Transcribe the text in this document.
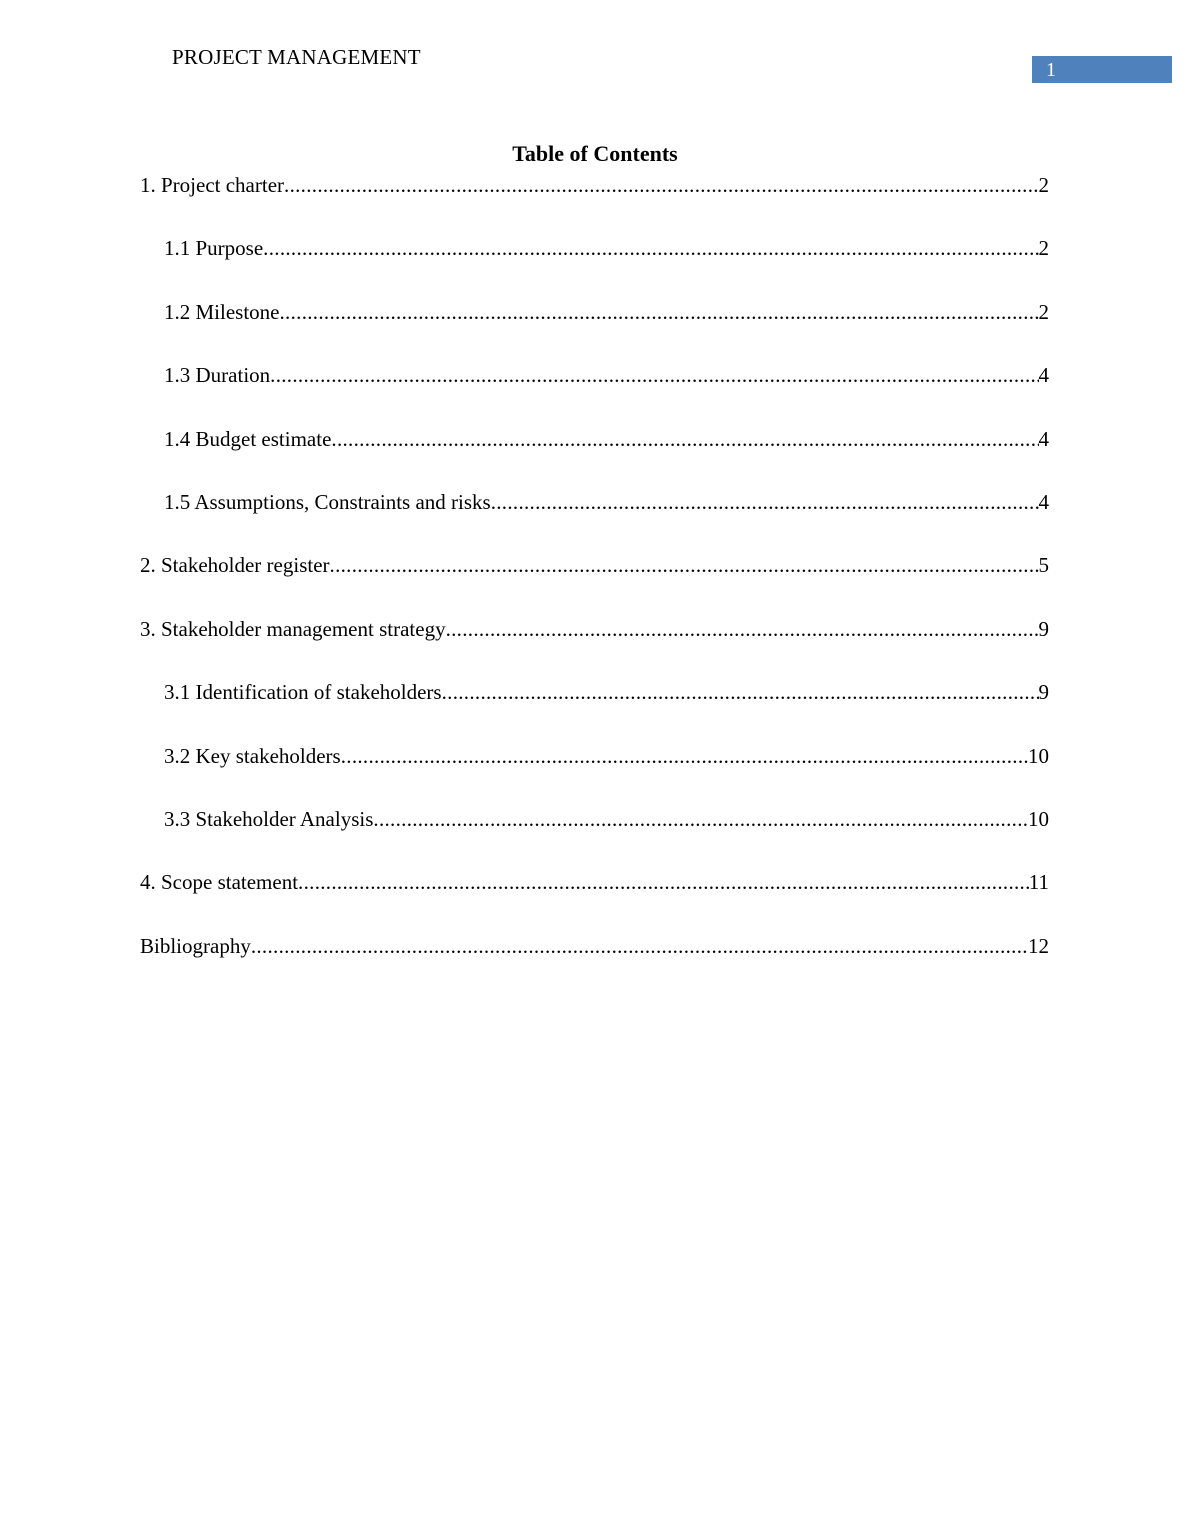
PROJECT MANAGEMENT
1
Table of Contents
1. Project charter .....	2
1.1 Purpose .....	2
1.2 Milestone .....	2
1.3 Duration .....	4
1.4 Budget estimate .....	4
1.5 Assumptions, Constraints and risks .....	4
2. Stakeholder register .....	5
3. Stakeholder management strategy .....	9
3.1 Identification of stakeholders .....	9
3.2 Key stakeholders .....	10
3.3 Stakeholder Analysis .....	10
4. Scope statement .....	11
Bibliography .....	12
